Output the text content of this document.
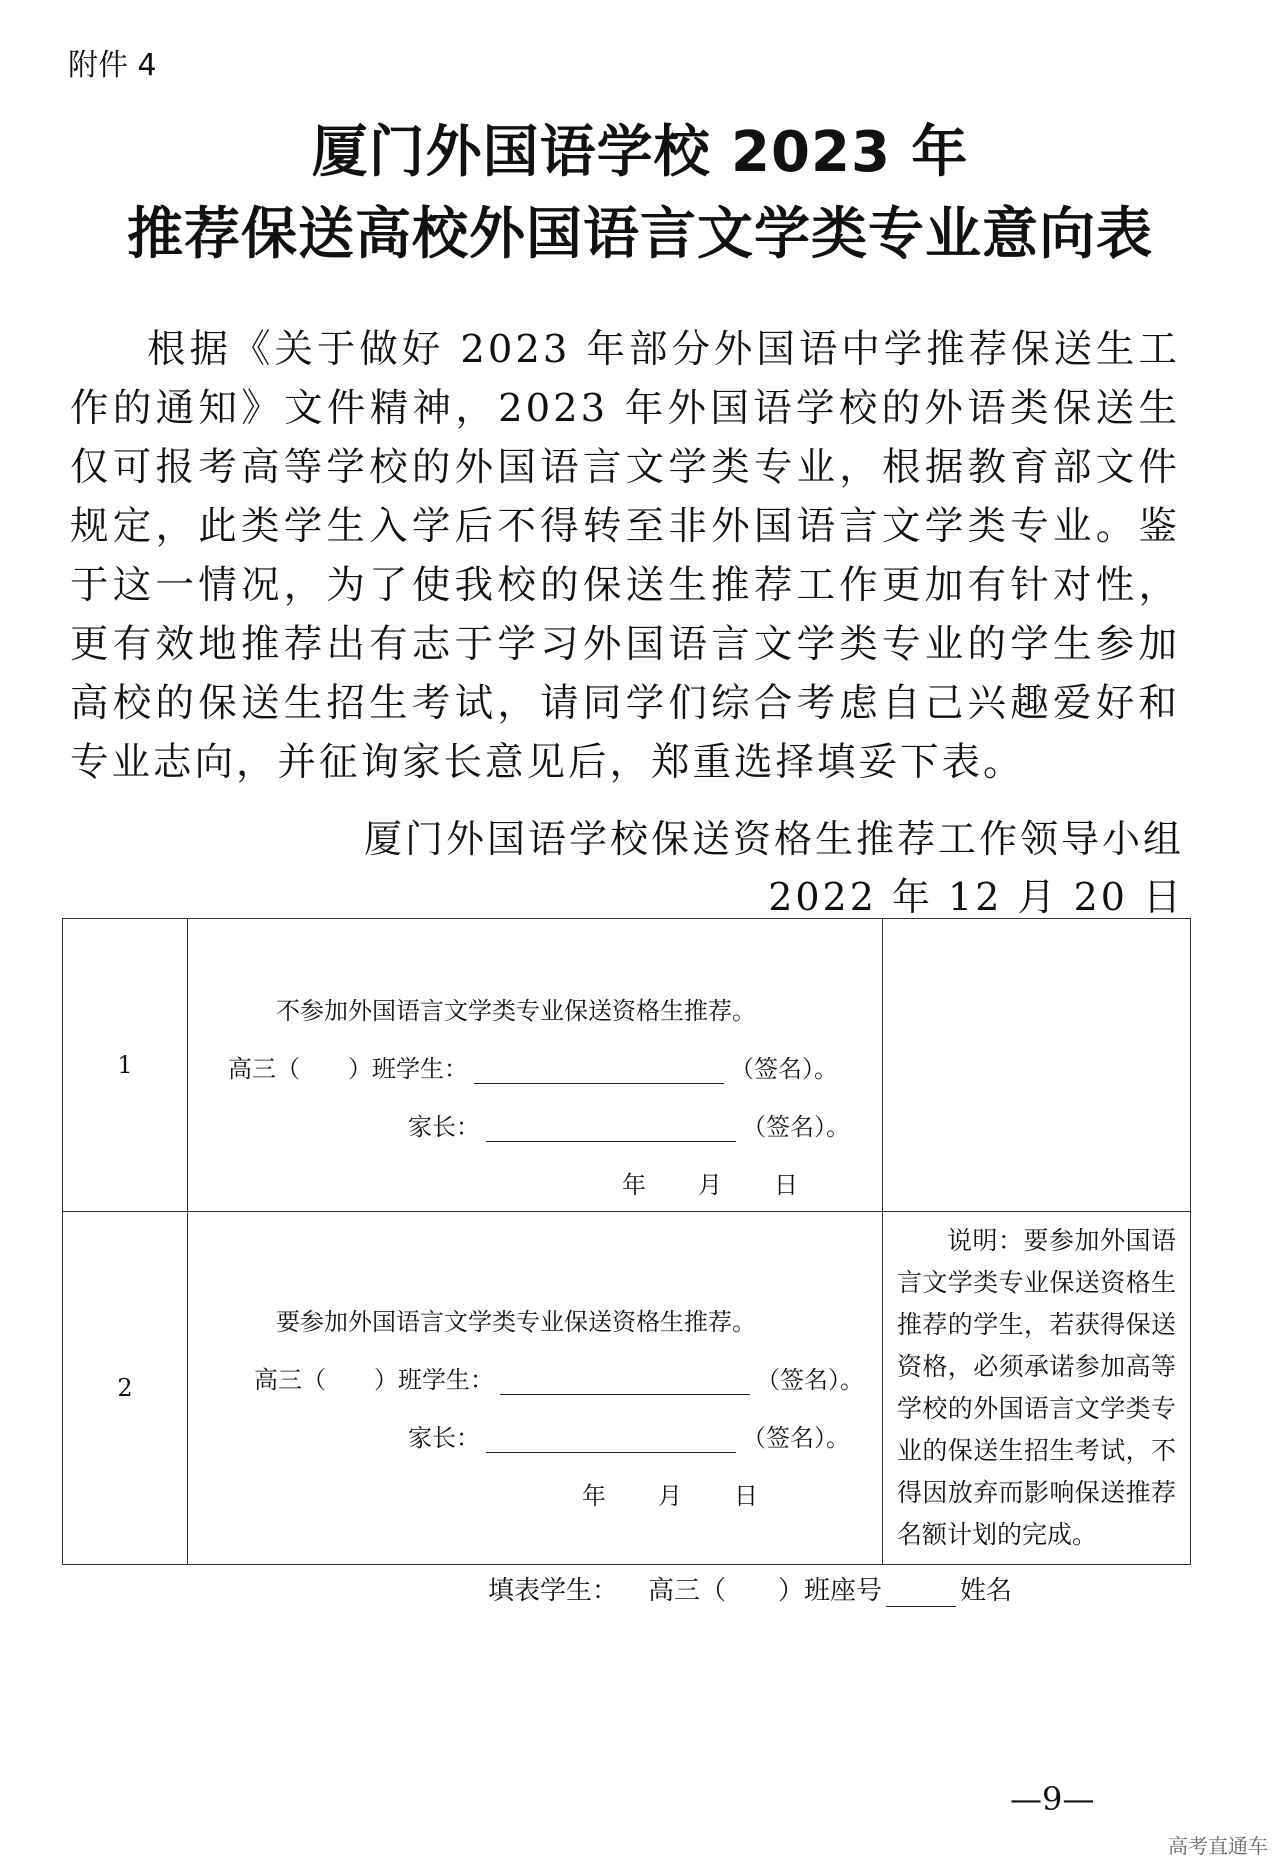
附件 4
厦门外国语学校 2023 年
推荐保送高校外国语言文学类专业意向表
根据《关于做好 2023 年部分外国语中学推荐保送生工作的通知》文件精神，2023 年外国语学校的外语类保送生仅可报考高等学校的外国语言文学类专业，根据教育部文件规定，此类学生入学后不得转至非外国语言文学类专业。鉴于这一情况，为了使我校的保送生推荐工作更加有针对性，更有效地推荐出有志于学习外国语言文学类专业的学生参加高校的保送生招生考试，请同学们综合考虑自己兴趣爱好和专业志向，并征询家长意见后，郑重选择填妥下表。
厦门外国语学校保送资格生推荐工作领导小组
2022 年 12 月 20 日
1	不参加外国语言文学类专业保送资格生推荐。
高三（　　）班学生： （签名）。
家长： （签名）。
年 月 日	

2	要参加外国语言文学类专业保送资格生推荐。
高三（　　）班学生： （签名）。
家长： （签名）。
年 月 日	说明：要参加外国语言文学类专业保送资格生推荐的学生，若获得保送资格，必须承诺参加高等学校的外国语言文学类专业的保送生招生考试，不得因放弃而影响保送推荐名额计划的完成。
填表学生： 高三（　　）班座号	姓名
—9—
高考直通车
